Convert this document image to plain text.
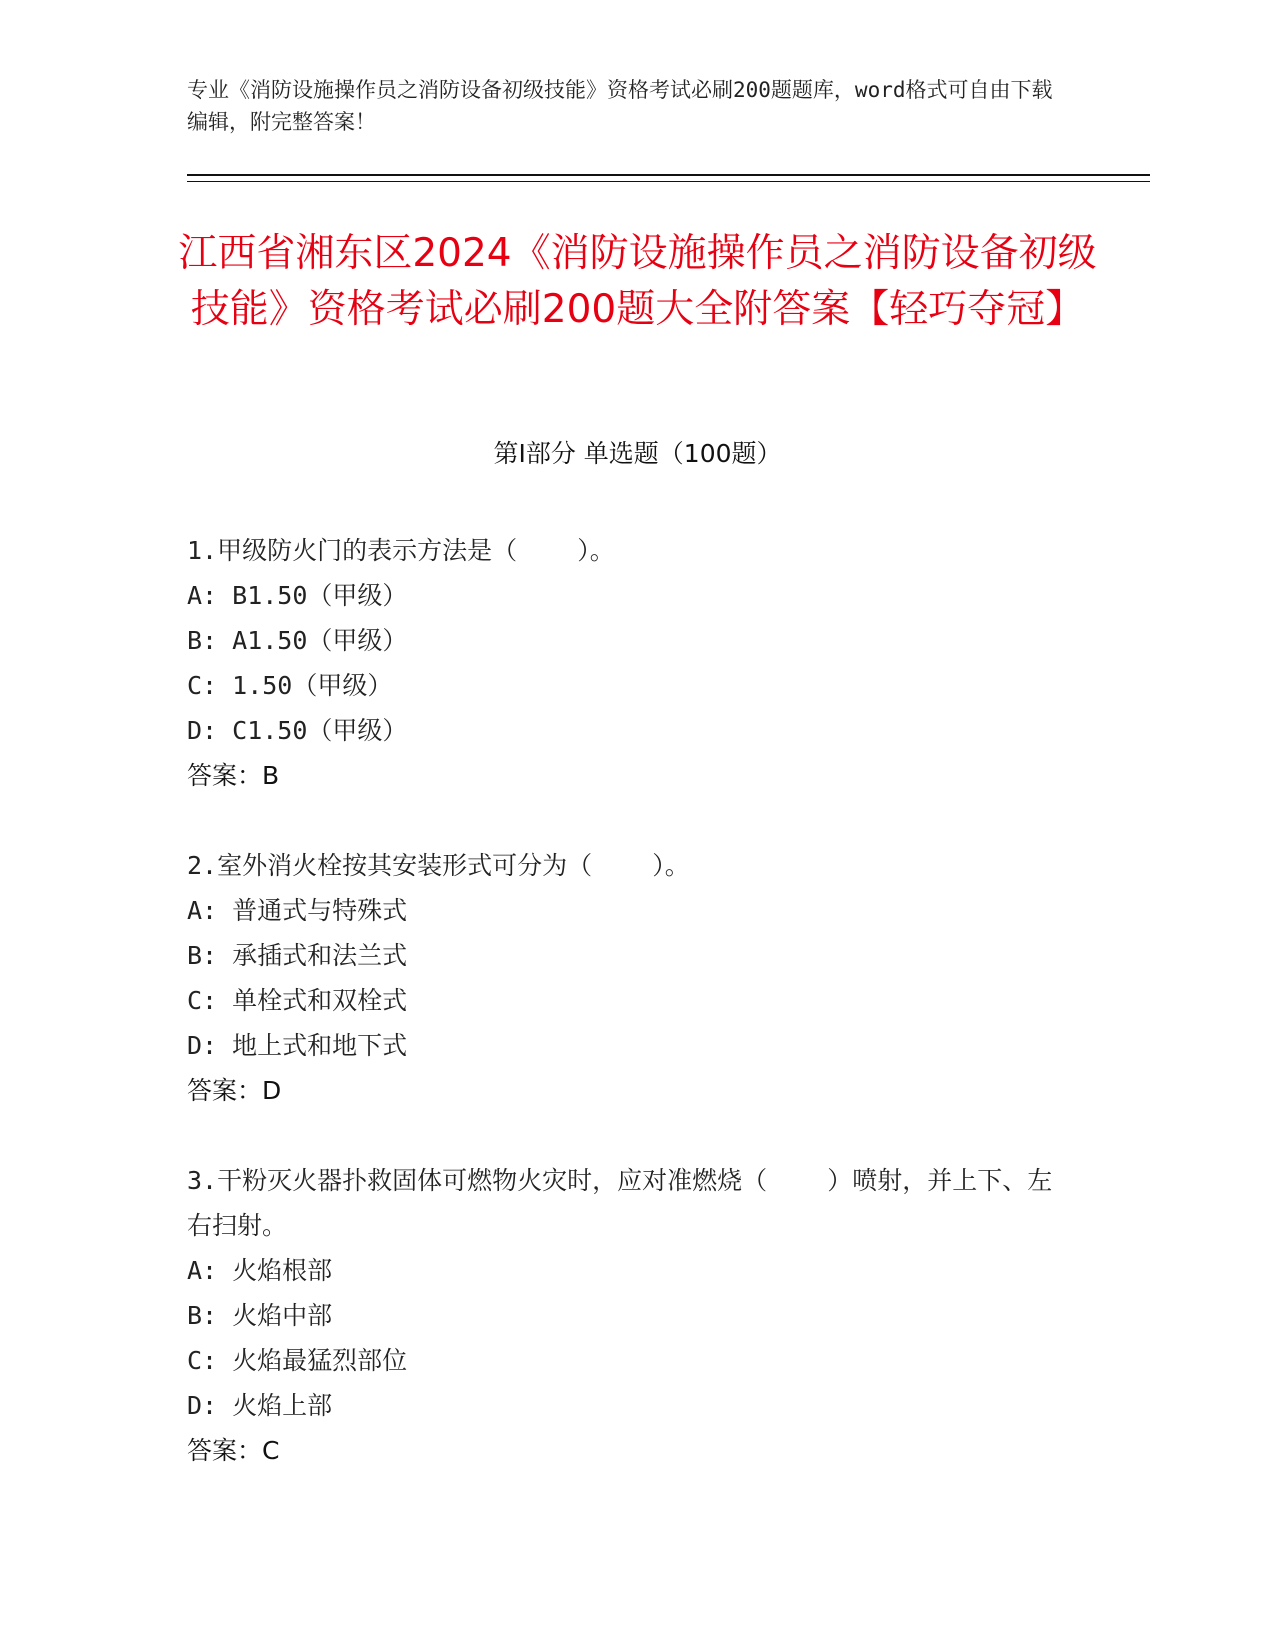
专业《消防设施操作员之消防设备初级技能》资格考试必刷200题题库，word格式可自由下载编辑，附完整答案！
江西省湘东区2024《消防设施操作员之消防设备初级技能》资格考试必刷200题大全附答案【轻巧夺冠】
第I部分 单选题（100题）
1.甲级防火门的表示方法是（    ）。
A: B1.50（甲级）
B: A1.50（甲级）
C: 1.50（甲级）
D: C1.50（甲级）
答案：B
2.室外消火栓按其安装形式可分为（    ）。
A: 普通式与特殊式
B: 承插式和法兰式
C: 单栓式和双栓式
D: 地上式和地下式
答案：D
3.干粉灭火器扑救固体可燃物火灾时，应对准燃烧（    ）喷射，并上下、左右扫射。
A: 火焰根部
B: 火焰中部
C: 火焰最猛烈部位
D: 火焰上部
答案：C
